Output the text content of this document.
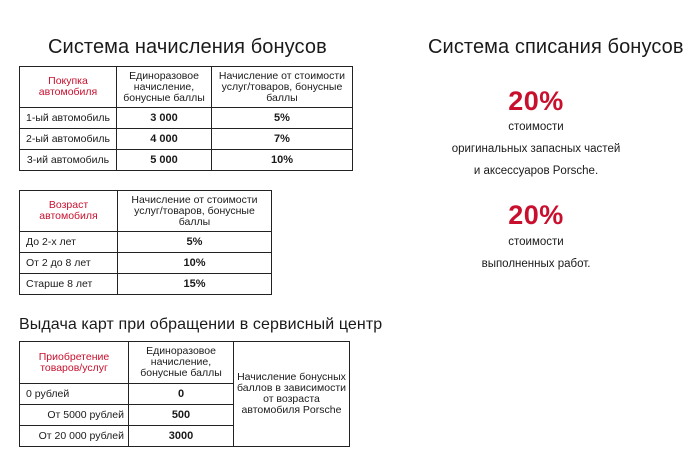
Система начисления бонусов
Покупка автомобиля	Единоразовое начисление, бонусные баллы	Начисление от стоимости услуг/товаров, бонусные баллы
1-ый автомобиль	3 000	5%
2-ый автомобиль	4 000	7%
3-ий автомобиль	5 000	10%
Возраст автомобиля	Начисление от стоимости услуг/товаров, бонусные баллы
До 2-х лет	5%
От 2 до 8 лет	10%
Старше 8 лет	15%
Выдача карт при обращении в сервисный центр
Приобретение товаров/услуг	Единоразовое начисление, бонусные баллы	Начисление бонусных баллов в зависимости от возраста автомобиля Porsche
0 рублей	0	
От 5000 рублей	500	
От 20 000 рублей	3000	
Система списания бонусов
20%
стоимости
оригинальных запасных частей
и аксессуаров Porsche.
20%
стоимости
выполненных работ.
